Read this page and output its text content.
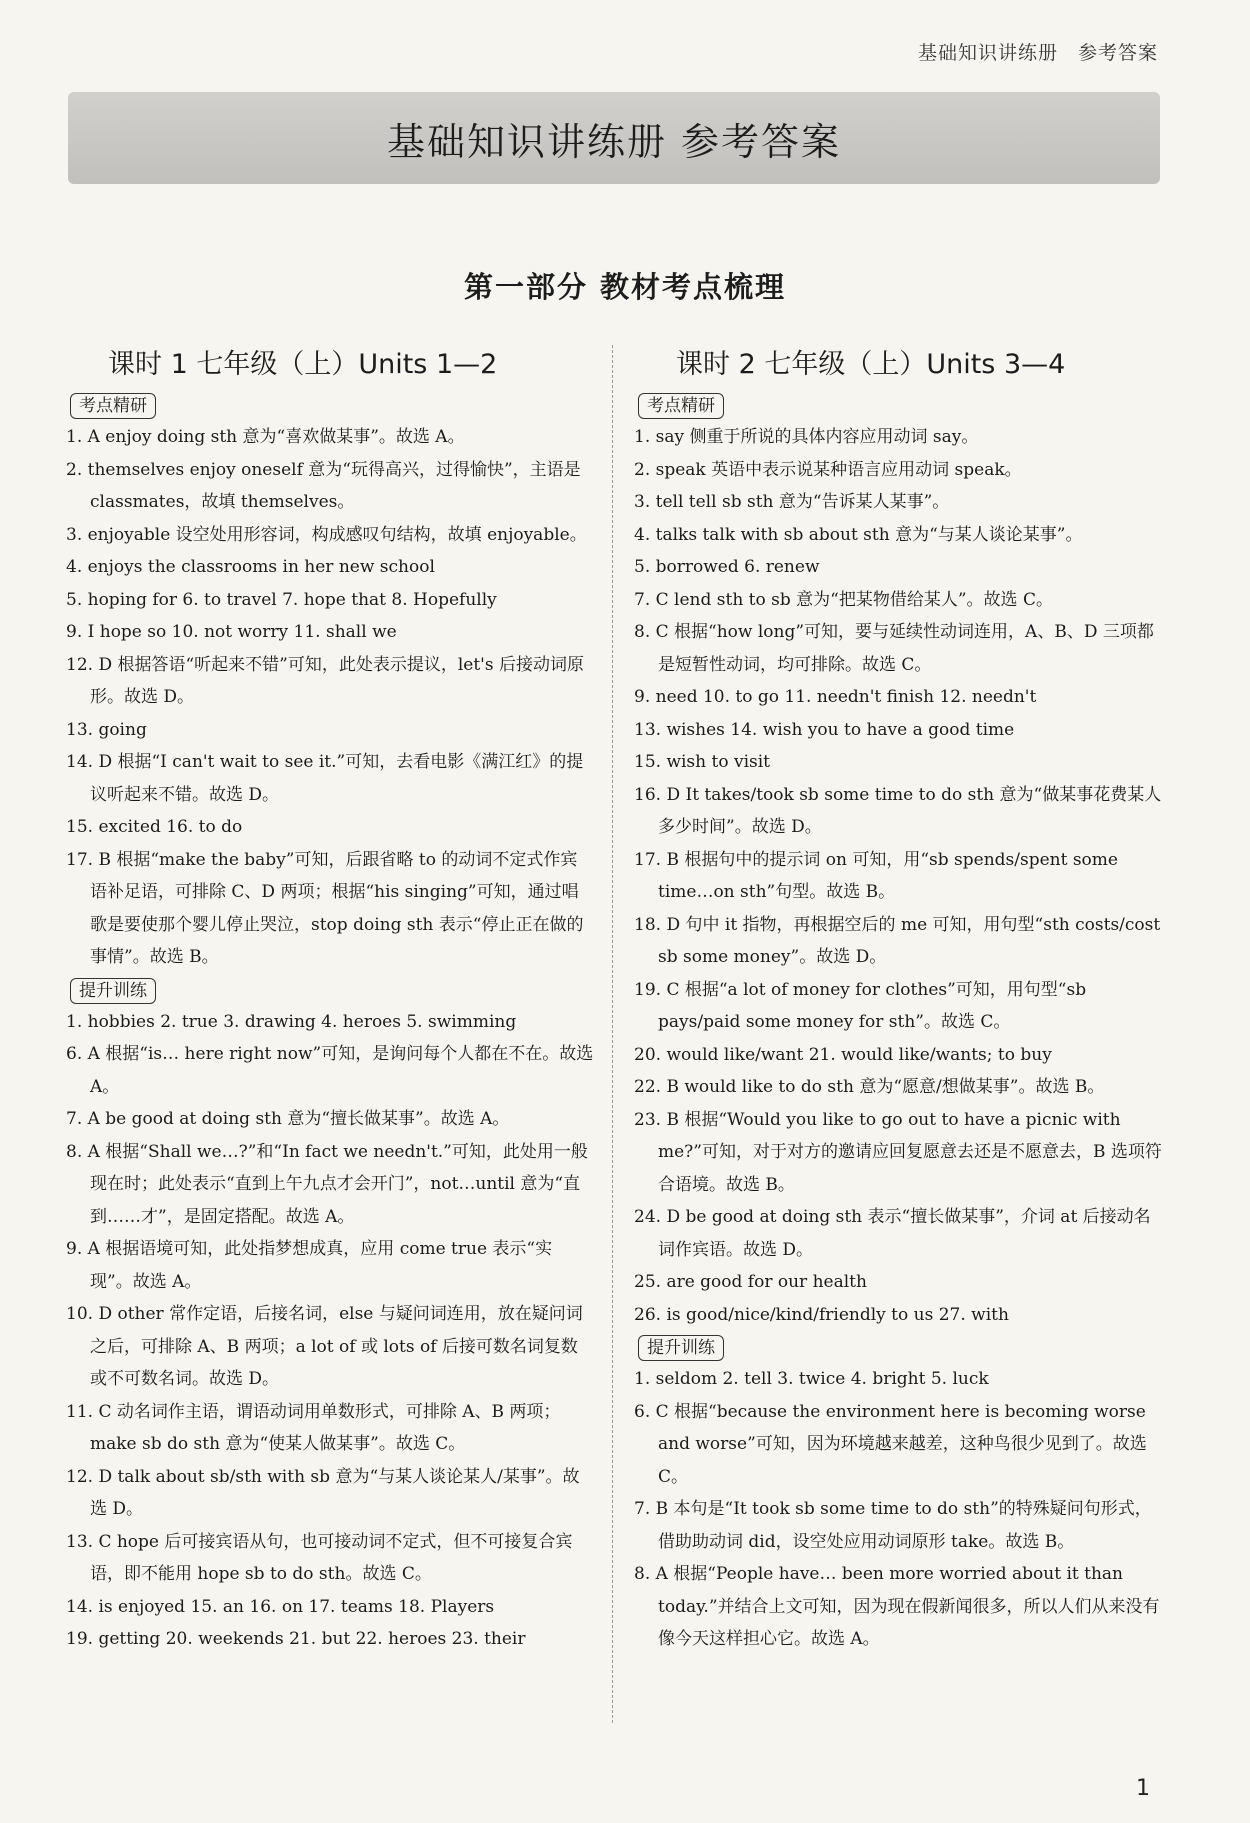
基础知识讲练册 参考答案
基础知识讲练册 参考答案
第一部分 教材考点梳理
课时 1 七年级（上）Units 1—2
考点精研
1. A enjoy doing sth 意为“喜欢做某事”。故选 A。
2. themselves enjoy oneself 意为“玩得高兴，过得愉快”，主语是 classmates，故填 themselves。
3. enjoyable 设空处用形容词，构成感叹句结构，故填 enjoyable。
4. enjoys the classrooms in her new school
5. hoping for 6. to travel 7. hope that 8. Hopefully
9. I hope so 10. not worry 11. shall we
12. D 根据答语“听起来不错”可知，此处表示提议，let's 后接动词原形。故选 D。
13. going
14. D 根据“I can't wait to see it.”可知，去看电影《满江红》的提议听起来不错。故选 D。
15. excited 16. to do
17. B 根据“make the baby”可知，后跟省略 to 的动词不定式作宾语补足语，可排除 C、D 两项；根据“his singing”可知，通过唱歌是要使那个婴儿停止哭泣，stop doing sth 表示“停止正在做的事情”。故选 B。
提升训练
1. hobbies 2. true 3. drawing 4. heroes 5. swimming
6. A 根据“is… here right now”可知，是询问每个人都在不在。故选 A。
7. A be good at doing sth 意为“擅长做某事”。故选 A。
8. A 根据“Shall we…?”和“In fact we needn't.”可知，此处用一般现在时；此处表示“直到上午九点才会开门”，not…until 意为“直到……才”，是固定搭配。故选 A。
9. A 根据语境可知，此处指梦想成真，应用 come true 表示“实现”。故选 A。
10. D other 常作定语，后接名词，else 与疑问词连用，放在疑问词之后，可排除 A、B 两项；a lot of 或 lots of 后接可数名词复数或不可数名词。故选 D。
11. C 动名词作主语，谓语动词用单数形式，可排除 A、B 两项；make sb do sth 意为“使某人做某事”。故选 C。
12. D talk about sb/sth with sb 意为“与某人谈论某人/某事”。故选 D。
13. C hope 后可接宾语从句，也可接动词不定式，但不可接复合宾语，即不能用 hope sb to do sth。故选 C。
14. is enjoyed 15. an 16. on 17. teams 18. Players
19. getting 20. weekends 21. but 22. heroes 23. their
课时 2 七年级（上）Units 3—4
考点精研
1. say 侧重于所说的具体内容应用动词 say。
2. speak 英语中表示说某种语言应用动词 speak。
3. tell tell sb sth 意为“告诉某人某事”。
4. talks talk with sb about sth 意为“与某人谈论某事”。
5. borrowed 6. renew
7. C lend sth to sb 意为“把某物借给某人”。故选 C。
8. C 根据“how long”可知，要与延续性动词连用，A、B、D 三项都是短暂性动词，均可排除。故选 C。
9. need 10. to go 11. needn't finish 12. needn't
13. wishes 14. wish you to have a good time
15. wish to visit
16. D It takes/took sb some time to do sth 意为“做某事花费某人多少时间”。故选 D。
17. B 根据句中的提示词 on 可知，用“sb spends/spent some time…on sth”句型。故选 B。
18. D 句中 it 指物，再根据空后的 me 可知，用句型“sth costs/cost sb some money”。故选 D。
19. C 根据“a lot of money for clothes”可知，用句型“sb pays/paid some money for sth”。故选 C。
20. would like/want 21. would like/wants; to buy
22. B would like to do sth 意为“愿意/想做某事”。故选 B。
23. B 根据“Would you like to go out to have a picnic with me?”可知，对于对方的邀请应回复愿意去还是不愿意去，B 选项符合语境。故选 B。
24. D be good at doing sth 表示“擅长做某事”，介词 at 后接动名词作宾语。故选 D。
25. are good for our health
26. is good/nice/kind/friendly to us 27. with
提升训练
1. seldom 2. tell 3. twice 4. bright 5. luck
6. C 根据“because the environment here is becoming worse and worse”可知，因为环境越来越差，这种鸟很少见到了。故选 C。
7. B 本句是“It took sb some time to do sth”的特殊疑问句形式，借助助动词 did，设空处应用动词原形 take。故选 B。
8. A 根据“People have… been more worried about it than today.”并结合上文可知，因为现在假新闻很多，所以人们从来没有像今天这样担心它。故选 A。
1
